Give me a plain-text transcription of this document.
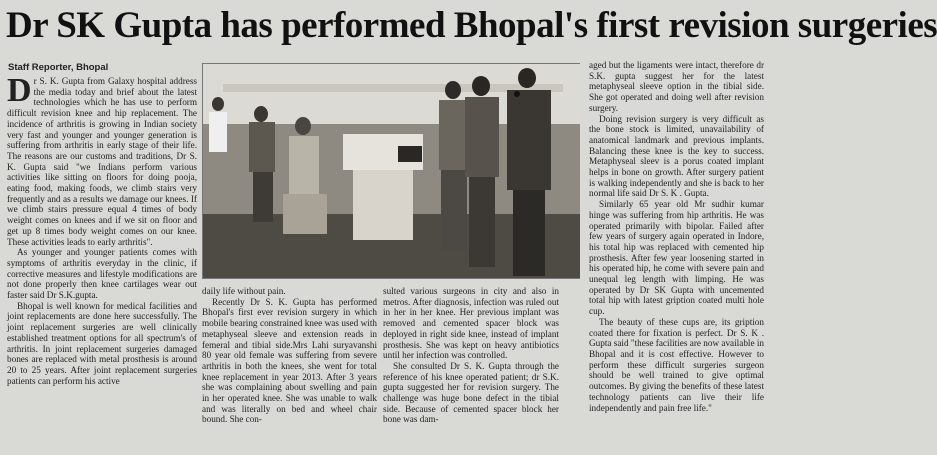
Dr SK Gupta has performed Bhopal's first revision surgeries
Staff Reporter, Bhopal

Dr S. K. Gupta from Galaxy hospital address the media today and brief about the latest technologies which he has use to perform difficult revision knee and hip replacement. The incidence of arthritis is growing in Indian society very fast and younger and younger generation is suffering from arthritis in early stage of their life. The reasons are our customs and traditions, Dr S. K. Gupta said "we Indians perform various activities like sitting on floors for doing pooja, eating food, making foods, we climb stairs very frequently and as a results we damage our knees. If we climb stairs pressure equal 4 times of body weight comes on knees and if we sit on floor and get up 8 times body weight comes on our knee. These activities leads to early arthritis".

As younger and younger patients comes with symptoms of arthritis everyday in the clinic, if corrective measures and lifestyle modifications are not done properly then knee cartilages wear out faster said Dr S.K.gupta.

Bhopal is well known for medical facilities and joint replacements are done here successfully. The joint replacement surgeries are well clinically established treatment options for all spectrum's of arthritis. In joint replacement surgeries damaged bones are replaced with metal prosthesis is around 20 to 25 years. After joint replacement surgeries patients can perform his active

daily life without pain.

Recently Dr S. K. Gupta has performed Bhopal's first ever revision surgery in which mobile bearing constrained knee was used with metaphyseal sleeve and extension reads in femeral and tibial side.Mrs Lahi suryavanshi 80 year old female was suffering from severe arthritis in both the knees, she went for total knee replacement in year 2013. After 3 years she was complaining about swelling and pain in her operated knee. She was unable to walk and was literally on bed and wheel chair bound. She con-

sulted various surgeons in city and also in metros. After diagnosis, infection was ruled out in her in her knee. Her previous implant was removed and cemented spacer block was deployed in right side knee, instead of implant prosthesis. She was kept on heavy antibiotics until her infection was controlled.

She consulted Dr S. K. Gupta through the reference of his knee operated patient; dr S.K. gupta suggested her for revision surgery. The challenge was huge bone defect in the tibial side. Because of cemented spacer block her bone was dam-

aged but the ligaments were intact, therefore dr S.K. gupta suggest her for the latest metaphyseal sleeve option in the tibial side. She got operated and doing well after revision surgery.

Doing revision surgery is very difficult as the bone stock is limited, unavailability of anatomical landmark and previous implants. Balancing these knee is the key to success. Metaphyseal sleev is a porus coated implant helps in bone on growth. After surgery patient is walking independently and she is back to her normal life said Dr S. K . Gupta.

Similarly 65 year old Mr sudhir kumar hinge was suffering from hip arthritis. He was operated primarily with bipolar. Failed after few years of surgery again operated in Indore, his total hip was replaced with cemented hip prosthesis. After few year loosening started in his operated hip, he come with severe pain and unequal leg length with limping. He was operated by Dr SK Gupta with uncemented total hip with latest gription coated multi hole cup.

The beauty of these cups are, its gription coated there for fixation is perfect. Dr S. K . Gupta said "these facilities are now available in Bhopal and it is cost effective. However to perform these difficult surgeries surgeon should be well trained to give optimal outcomes. By giving the benefits of these latest technology patients can live their life independently and pain free life."
